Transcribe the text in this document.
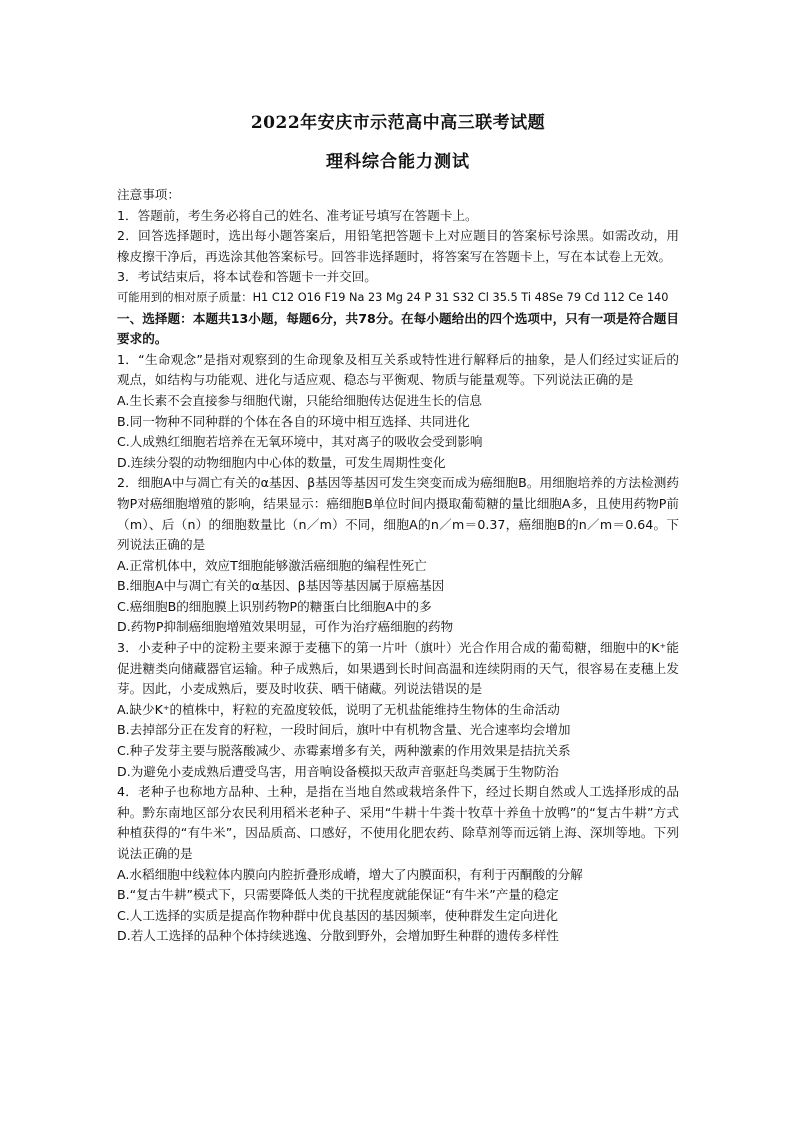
2022年安庆市示范高中高三联考试题
理科综合能力测试

注意事项：

1．答题前，考生务必将自己的姓名、准考证号填写在答题卡上。

2．回答选择题时，选出每小题答案后，用铅笔把答题卡上对应题目的答案标号涂黑。如需改动，用橡皮擦干净后，再选涂其他答案标号。回答非选择题时，将答案写在答题卡上，写在本试卷上无效。

3．考试结束后，将本试卷和答题卡一并交回。

可能用到的相对原子质量：H1 C12 O16 F19 Na 23 Mg 24 P 31 S32 Cl 35.5 Ti 48Se 79 Cd 112 Ce 140

一、选择题：本题共13小题，每题6分，共78分。在每小题给出的四个选项中，只有一项是符合题目要求的。

1．“生命观念”是指对观察到的生命现象及相互关系或特性进行解释后的抽象，是人们经过实证后的观点，如结构与功能观、进化与适应观、稳态与平衡观、物质与能量观等。下列说法正确的是

A.生长素不会直接参与细胞代谢，只能给细胞传达促进生长的信息

B.同一物种不同种群的个体在各自的环境中相互选择、共同进化

C.人成熟红细胞若培养在无氧环境中，其对离子的吸收会受到影响

D.连续分裂的动物细胞内中心体的数量，可发生周期性变化

2．细胞A中与凋亡有关的α基因、β基因等基因可发生突变而成为癌细胞B。用细胞培养的方法检测药物P对癌细胞增殖的影响，结果显示：癌细胞B单位时间内摄取葡萄糖的量比细胞A多，且使用药物P前（m）、后（n）的细胞数量比（n／m）不同，细胞A的n／m＝0.37，癌细胞B的n／m＝0.64。下列说法正确的是

A.正常机体中，效应T细胞能够激活癌细胞的编程性死亡

B.细胞A中与凋亡有关的α基因、β基因等基因属于原癌基因

C.癌细胞B的细胞膜上识别药物P的糖蛋白比细胞A中的多

D.药物P抑制癌细胞增殖效果明显，可作为治疗癌细胞的药物

3．小麦种子中的淀粉主要来源于麦穗下的第一片叶（旗叶）光合作用合成的葡萄糖，细胞中的K⁺能促进糖类向储藏器官运输。种子成熟后，如果遇到长时间高温和连续阴雨的天气，很容易在麦穗上发芽。因此，小麦成熟后，要及时收获、晒干储藏。列说法错误的是

A.缺少K⁺的植株中，籽粒的充盈度较低，说明了无机盐能维持生物体的生命活动

B.去掉部分正在发育的籽粒，一段时间后，旗叶中有机物含量、光合速率均会增加

C.种子发芽主要与脱落酸减少、赤霉素增多有关，两种激素的作用效果是拮抗关系

D.为避免小麦成熟后遭受鸟害，用音响设备模拟天敌声音驱赶鸟类属于生物防治

4．老种子也称地方品种、土种，是指在当地自然或栽培条件下，经过长期自然或人工选择形成的品种。黔东南地区部分农民利用稻米老种子、采用“牛耕十牛粪十牧草十养鱼十放鸭”的“复古牛耕”方式种植获得的“有牛米”，因品质高、口感好，不使用化肥农药、除草剂等而远销上海、深圳等地。下列说法正确的是

A.水稻细胞中线粒体内膜向内腔折叠形成嵴，增大了内膜面积，有利于丙酮酸的分解

B.“复古牛耕”模式下，只需要降低人类的干扰程度就能保证“有牛米”产量的稳定

C.人工选择的实质是提高作物种群中优良基因的基因频率，使种群发生定向进化

D.若人工选择的品种个体持续逃逸、分散到野外，会增加野生种群的遗传多样性
